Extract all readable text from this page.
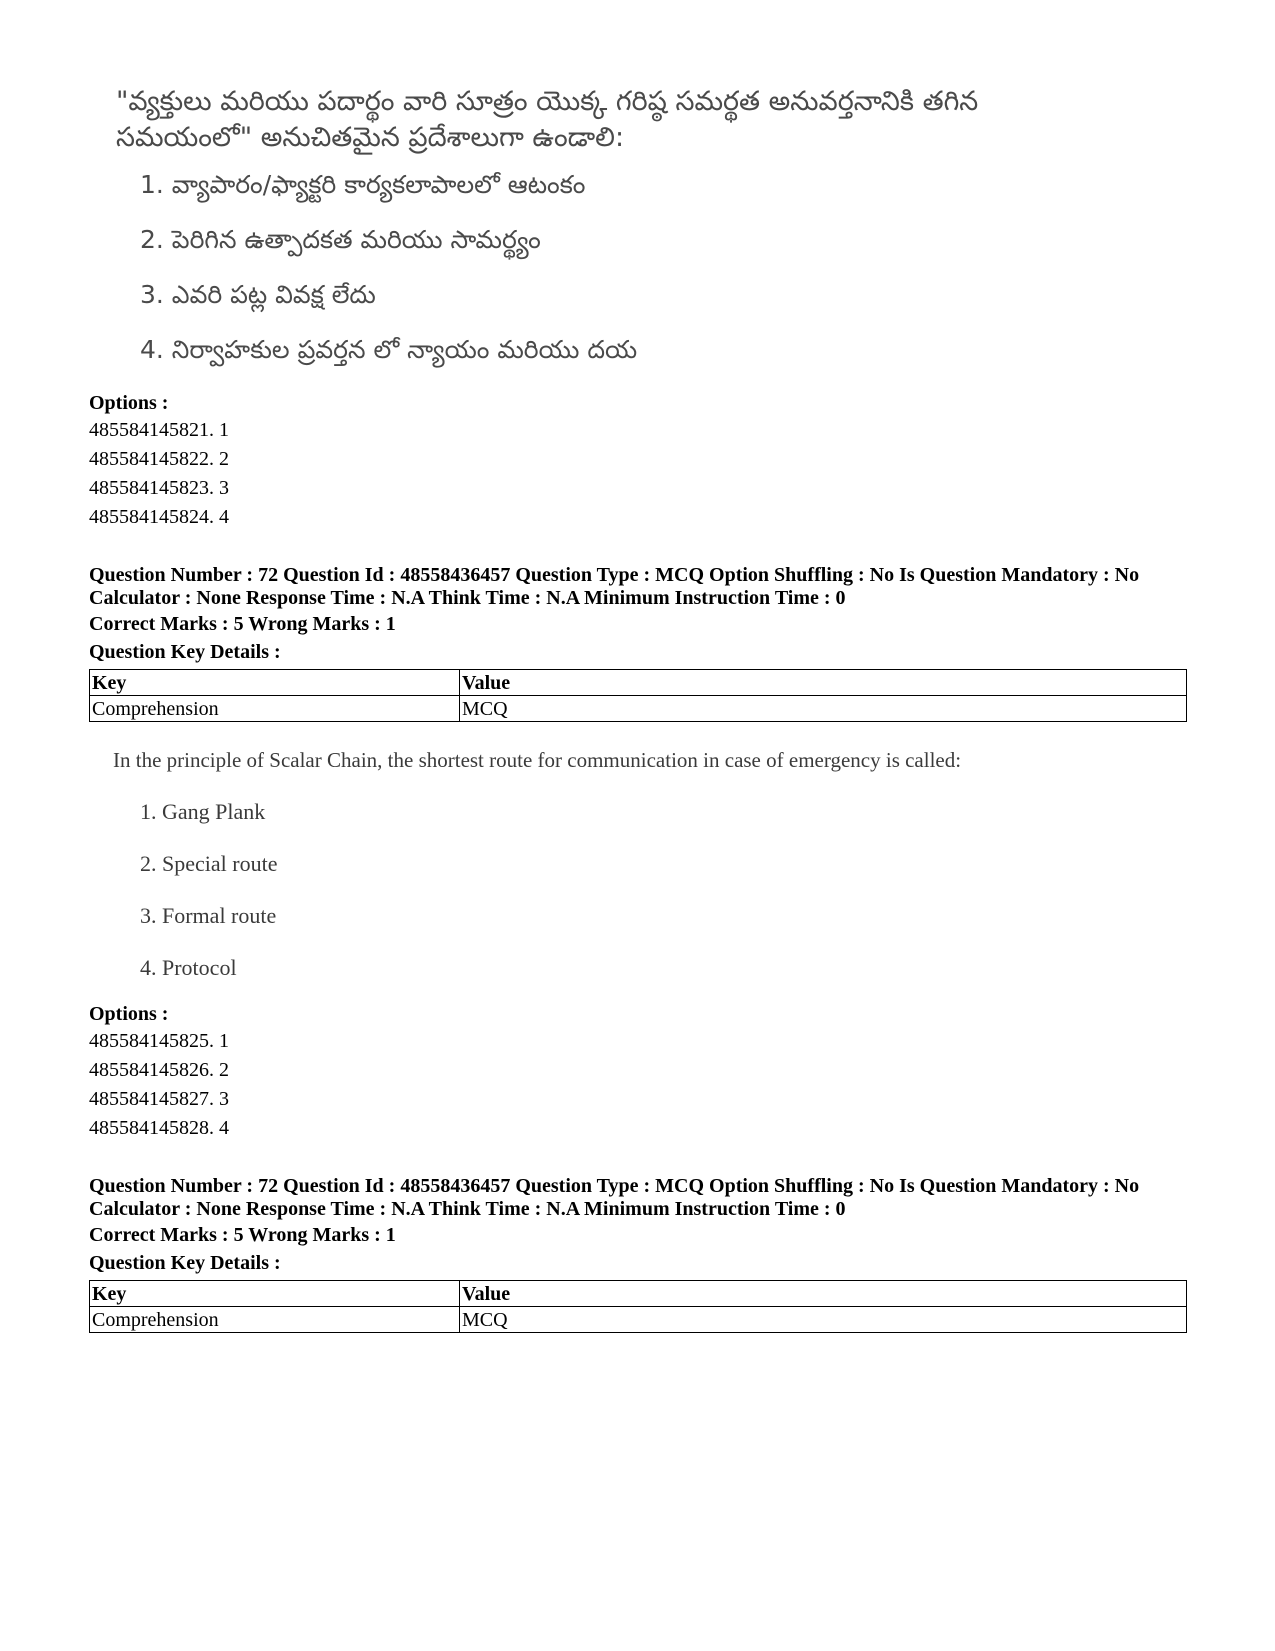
"వ్యక్తులు మరియు పదార్థం వారి సూత్రం యొక్క గరిష్ఠ సమర్థత అనువర్తనానికి తగిన సమయంలో" అనుచితమైన ప్రదేశాలుగా ఉండాలి:
1. వ్యాపారం/ఫ్యాక్టరి కార్యకలాపాలలో ఆటంకం
2. పెరిగిన ఉత్పాదకత మరియు సామర్థ్యం
3. ఎవరి పట్ల వివక్ష లేదు
4. నిర్వాహకుల ప్రవర్తన లో న్యాయం మరియు దయ
Options :
485584145821. 1
485584145822. 2
485584145823. 3
485584145824. 4
Question Number : 72 Question Id : 48558436457 Question Type : MCQ Option Shuffling : No Is Question Mandatory : No Calculator : None Response Time : N.A Think Time : N.A Minimum Instruction Time : 0
Correct Marks : 5 Wrong Marks : 1
Question Key Details :
Key	Value
Comprehension	MCQ
In the principle of Scalar Chain, the shortest route for communication in case of emergency is called:
1. Gang Plank
2. Special route
3. Formal route
4. Protocol
Options :
485584145825. 1
485584145826. 2
485584145827. 3
485584145828. 4
Question Number : 72 Question Id : 48558436457 Question Type : MCQ Option Shuffling : No Is Question Mandatory : No Calculator : None Response Time : N.A Think Time : N.A Minimum Instruction Time : 0
Correct Marks : 5 Wrong Marks : 1
Question Key Details :
Key	Value
Comprehension	MCQ
